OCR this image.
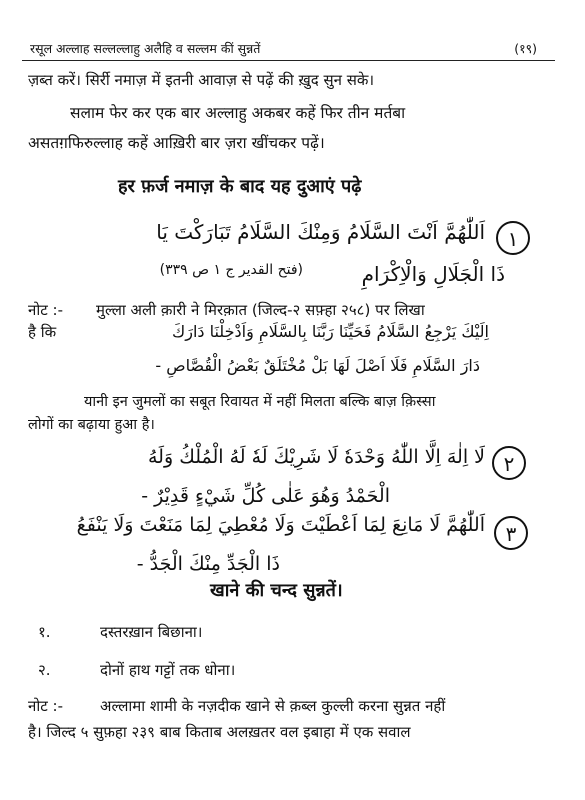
रसूल अल्लाह सल्लल्लाहु अलैहि व सल्लम कीं सुन्नतें	(१९)
ज़ब्त करें। सिर्री नमाज़ में इतनी आवाज़ से पढ़ें की ख़ुद सुन सके।
सलाम फेर कर एक बार अल्लाहु अकबर कहें फिर तीन मर्तबा
असतग़फिरुल्लाह कहें आख़िरी बार ज़रा खींचकर पढ़ें।
हर फ़र्ज नमाज़ के बाद यह दुआएं पढ़े
١
اَللّٰهُمَّ اَنْتَ السَّلَامُ وَمِنْكَ السَّلَامُ تَبَارَكْتَ يَا
ذَا الْجَلَالِ وَالْاِكْرَامِ
(فتح القدير ج ١ ص ٣٣٩)
नोट :- मुल्ला अली क़ारी ने मिरक़ात (जिल्द-२ सफ़्हा २५८) पर लिखा
है कि	اِلَيْكَ يَرْجِعُ السَّلَامُ فَحَيِّنَا رَبَّنَا بِالسَّلَامِ وَاَدْخِلْنَا دَارَكَ
دَارَ السَّلَامِ فَلَا اَصْلَ لَهَا بَلْ مُخْتَلَقٌ بَعْضُ الْقُصَّاصِ -
यानी इन जुमलों का सबूत रिवायत में नहीं मिलता बल्कि बाज़ क़िस्सा
लोगों का बढ़ाया हुआ है।
٢
لَا اِلٰهَ اِلَّا اللّٰهُ وَحْدَهٗ لَا شَرِيْكَ لَهٗ لَهُ الْمُلْكُ وَلَهُ
الْحَمْدُ وَهُوَ عَلٰى كُلِّ شَيْءٍ قَدِيْرٌ -
٣
اَللّٰهُمَّ لَا مَانِعَ لِمَا اَعْطَيْتَ وَلَا مُعْطِيَ لِمَا مَنَعْتَ وَلَا يَنْفَعُ
ذَا الْجَدِّ مِنْكَ الْجَدُّ -
खाने की चन्द सुन्नतें।
१.	दस्तरख़ान बिछाना।
२.	दोनों हाथ गट्टों तक धोना।
नोट :- अल्लामा शामी के नज़दीक खाने से क़ब्ल कुल्ली करना सुन्नत नहीं
है। जिल्द ५ सुफ़हा २३९ बाब किताब अलख़तर वल इबाहा में एक सवाल
